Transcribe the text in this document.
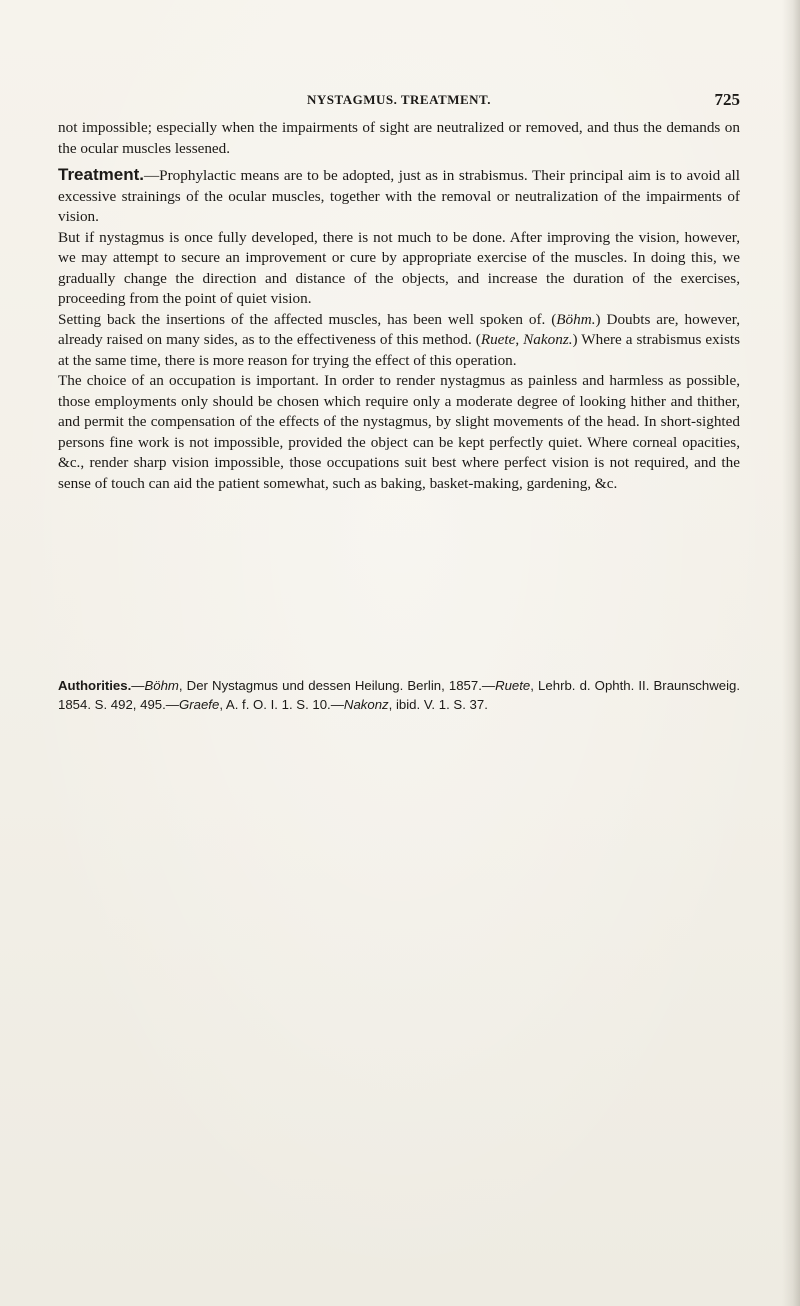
NYSTAGMUS. TREATMENT.	725

not impossible; especially when the impairments of sight are neutralized or removed, and thus the demands on the ocular muscles lessened.

Treatment.—Prophylactic means are to be adopted, just as in strabismus. Their principal aim is to avoid all excessive strainings of the ocular muscles, together with the removal or neutralization of the impairments of vision.

But if nystagmus is once fully developed, there is not much to be done. After improving the vision, however, we may attempt to secure an improvement or cure by appropriate exercise of the muscles. In doing this, we gradually change the direction and distance of the objects, and increase the duration of the exercises, proceeding from the point of quiet vision.

Setting back the insertions of the affected muscles, has been well spoken of. (Böhm.) Doubts are, however, already raised on many sides, as to the effectiveness of this method. (Ruete, Nakonz.) Where a strabismus exists at the same time, there is more reason for trying the effect of this operation.

The choice of an occupation is important. In order to render nystagmus as painless and harmless as possible, those employments only should be chosen which require only a moderate degree of looking hither and thither, and permit the compensation of the effects of the nystagmus, by slight movements of the head. In short-sighted persons fine work is not impossible, provided the object can be kept perfectly quiet. Where corneal opacities, &c., render sharp vision impossible, those occupations suit best where perfect vision is not required, and the sense of touch can aid the patient somewhat, such as baking, basket-making, gardening, &c.

Authorities.—Böhm, Der Nystagmus und dessen Heilung. Berlin, 1857.—Ruete, Lehrb. d. Ophth. II. Braunschweig. 1854. S. 492, 495.—Graefe, A. f. O. I. 1. S. 10.—Nakonz, ibid. V. 1. S. 37.
